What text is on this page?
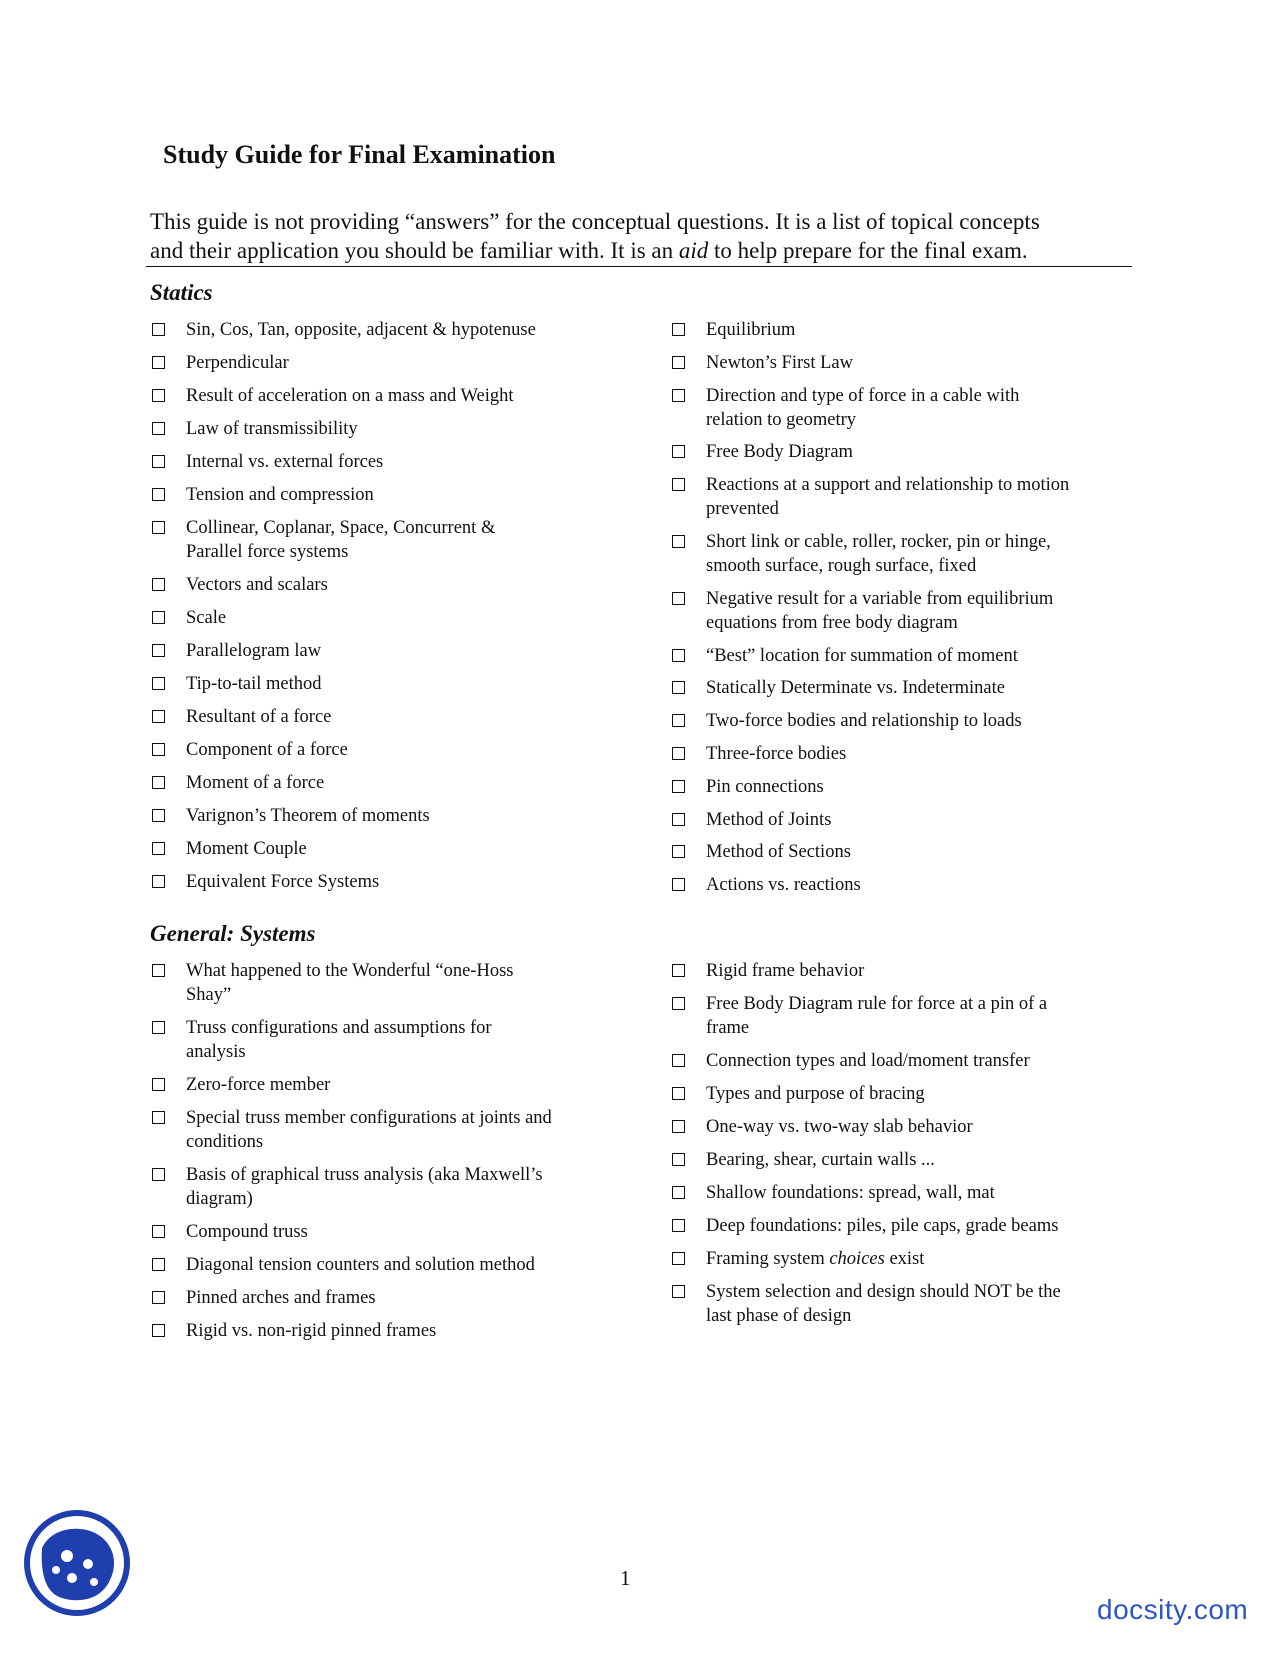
Study Guide for Final Examination

This guide is not providing “answers” for the conceptual questions. It is a list of topical concepts

and their application you should be familiar with. It is an aid to help prepare for the final exam.

Statics
Sin, Cos, Tan, opposite, adjacent & hypotenuse
Perpendicular
Result of acceleration on a mass and Weight
Law of transmissibility
Internal vs. external forces
Tension and compression
Collinear, Coplanar, Space, Concurrent &
Parallel force systems
Vectors and scalars
Scale
Parallelogram law
Tip-to-tail method
Resultant of a force
Component of a force
Moment of a force
Varignon’s Theorem of moments
Moment Couple
Equivalent Force Systems
Equilibrium
Newton’s First Law
Direction and type of force in a cable with
relation to geometry
Free Body Diagram
Reactions at a support and relationship to motion
prevented
Short link or cable, roller, rocker, pin or hinge,
smooth surface, rough surface, fixed
Negative result for a variable from equilibrium
equations from free body diagram
“Best” location for summation of moment
Statically Determinate vs. Indeterminate
Two-force bodies and relationship to loads
Three-force bodies
Pin connections
Method of Joints
Method of Sections
Actions vs. reactions
General: Systems
What happened to the Wonderful “one-Hoss
Shay”
Truss configurations and assumptions for
analysis
Zero-force member
Special truss member configurations at joints and
conditions
Basis of graphical truss analysis (aka Maxwell’s
diagram)
Compound truss
Diagonal tension counters and solution method
Pinned arches and frames
Rigid vs. non-rigid pinned frames
Rigid frame behavior
Free Body Diagram rule for force at a pin of a
frame
Connection types and load/moment transfer
Types and purpose of bracing
One-way vs. two-way slab behavior
Bearing, shear, curtain walls ...
Shallow foundations: spread, wall, mat
Deep foundations: piles, pile caps, grade beams
Framing system choices exist
System selection and design should NOT be the
last phase of design
1
docsity.com
